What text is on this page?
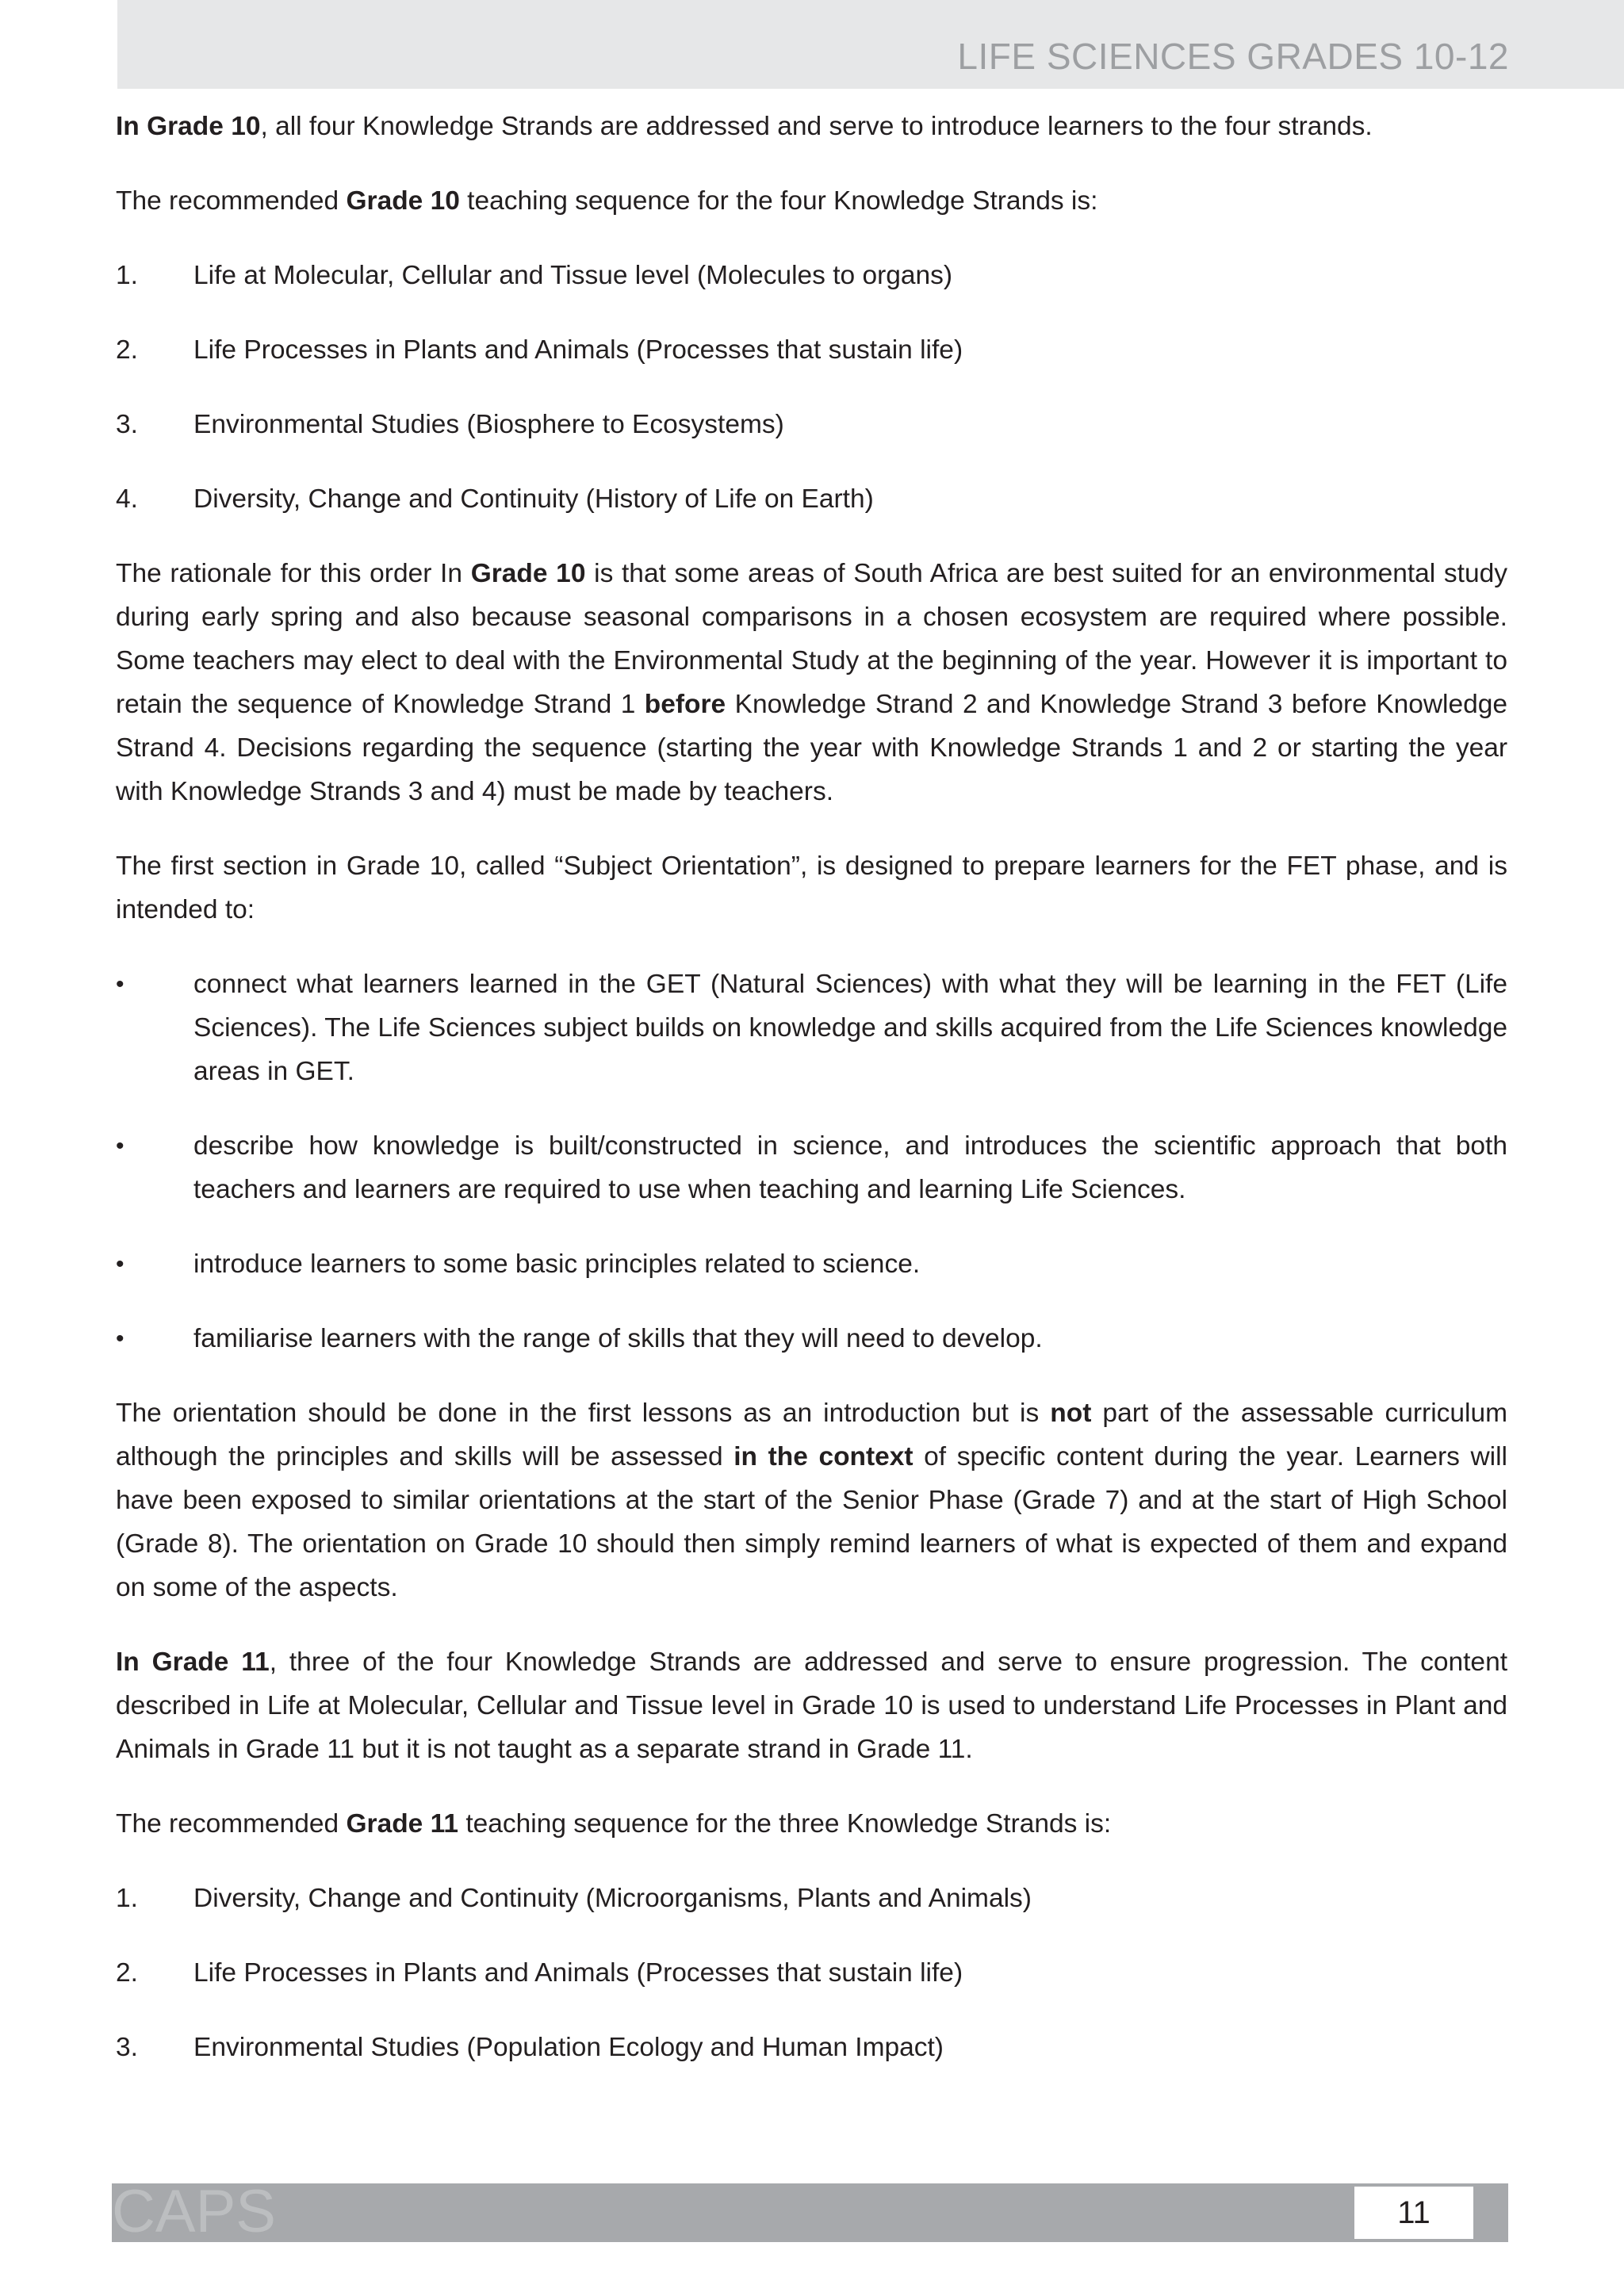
LIFE SCIENCES GRADES 10-12

In Grade 10, all four Knowledge Strands are addressed and serve to introduce learners to the four strands.

The recommended Grade 10 teaching sequence for the four Knowledge Strands is:

1.	Life at Molecular, Cellular and Tissue level (Molecules to organs)
2.	Life Processes in Plants and Animals (Processes that sustain life)
3.	Environmental Studies (Biosphere to Ecosystems)
4.	Diversity, Change and Continuity (History of Life on Earth)

The rationale for this order In Grade 10 is that some areas of South Africa are best suited for an environmental study during early spring and also because seasonal comparisons in a chosen ecosystem are required where possible. Some teachers may elect to deal with the Environmental Study at the beginning of the year. However it is important to retain the sequence of Knowledge Strand 1 before Knowledge Strand 2 and Knowledge Strand 3 before Knowledge Strand 4. Decisions regarding the sequence (starting the year with Knowledge Strands 1 and 2 or starting the year with Knowledge Strands 3 and 4) must be made by teachers.

The first section in Grade 10, called “Subject Orientation”, is designed to prepare learners for the FET phase, and is intended to:

•	connect what learners learned in the GET (Natural Sciences) with what they will be learning in the FET (Life Sciences). The Life Sciences subject builds on knowledge and skills acquired from the Life Sciences knowledge areas in GET.
•	describe how knowledge is built/constructed in science, and introduces the scientific approach that both teachers and learners are required to use when teaching and learning Life Sciences.
•	introduce learners to some basic principles related to science.
•	familiarise learners with the range of skills that they will need to develop.

The orientation should be done in the first lessons as an introduction but is not part of the assessable curriculum although the principles and skills will be assessed in the context of specific content during the year. Learners will have been exposed to similar orientations at the start of the Senior Phase (Grade 7) and at the start of High School (Grade 8). The orientation on Grade 10 should then simply remind learners of what is expected of them and expand on some of the aspects.

In Grade 11, three of the four Knowledge Strands are addressed and serve to ensure progression. The content described in Life at Molecular, Cellular and Tissue level in Grade 10 is used to understand Life Processes in Plant and Animals in Grade 11 but it is not taught as a separate strand in Grade 11.

The recommended Grade 11 teaching sequence for the three Knowledge Strands is:

1.	Diversity, Change and Continuity (Microorganisms, Plants and Animals)
2.	Life Processes in Plants and Animals (Processes that sustain life)
3.	Environmental Studies (Population Ecology and Human Impact)
CAPS	11
